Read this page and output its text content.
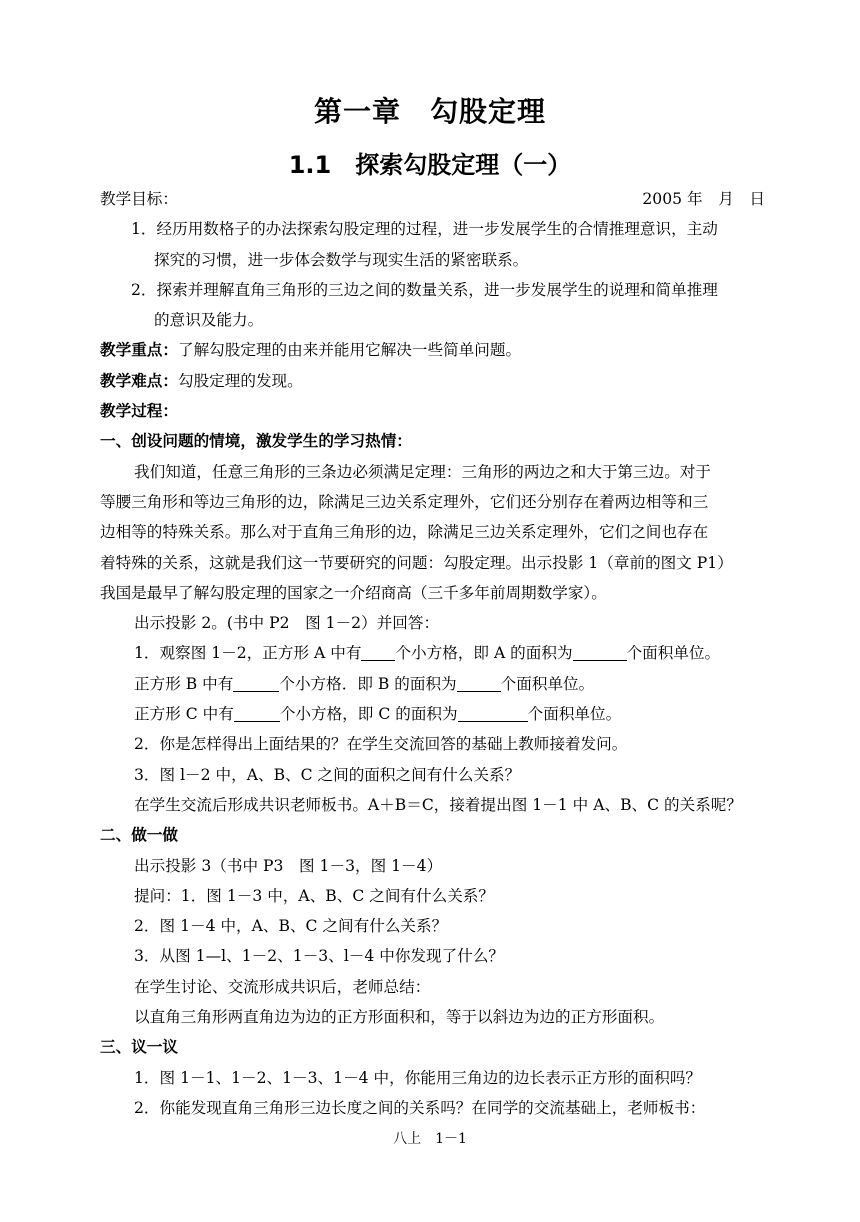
第一章　勾股定理
1.1　探索勾股定理（一）
教学目标：	2005 年　月　日
1．经历用数格子的办法探索勾股定理的过程，进一步发展学生的合情推理意识，主动
探究的习惯，进一步体会数学与现实生活的紧密联系。
2．探索并理解直角三角形的三边之间的数量关系，进一步发展学生的说理和简单推理
的意识及能力。
教学重点：了解勾股定理的由来并能用它解决一些简单问题。
教学难点：勾股定理的发现。
教学过程：
一、创设问题的情境，激发学生的学习热情：
我们知道，任意三角形的三条边必须满足定理：三角形的两边之和大于第三边。对于
等腰三角形和等边三角形的边，除满足三边关系定理外，它们还分别存在着两边相等和三
边相等的特殊关系。那么对于直角三角形的边，除满足三边关系定理外，它们之间也存在
着特殊的关系，这就是我们这一节要研究的问题：勾股定理。出示投影 1（章前的图文 P1）
我国是最早了解勾股定理的国家之一介绍商高（三千多年前周期数学家）。
出示投影 2。(书中 P2　图 1－2）并回答：
1．观察图 1－2，正方形 A 中有 个小方格，即 A 的面积为	个面积单位。
正方形 B 中有	个小方格．即 B 的面积为	个面积单位。
正方形 C 中有	个小方格，即 C 的面积为	个面积单位。
2．你是怎样得出上面结果的？在学生交流回答的基础上教师接着发问。
3．图 l－2 中，A、B、C 之间的面积之间有什么关系？
在学生交流后形成共识老师板书。A＋B＝C，接着提出图 1－1 中 A、B、C 的关系呢？
二、做一做
出示投影 3（书中 P3　图 1－3，图 1－4）
提问：1．图 1－3 中，A、B、C 之间有什么关系？
2．图 1－4 中，A、B、C 之间有什么关系？
3．从图 1—l、1－2、1－3、l－4 中你发现了什么？
在学生讨论、交流形成共识后，老师总结：
以直角三角形两直角边为边的正方形面积和，等于以斜边为边的正方形面积。
三、议一议
1．图 1－1、1－2、1－3、1－4 中，你能用三角边的边长表示正方形的面积吗？
2．你能发现直角三角形三边长度之间的关系吗？在同学的交流基础上，老师板书：
八上　1－1
